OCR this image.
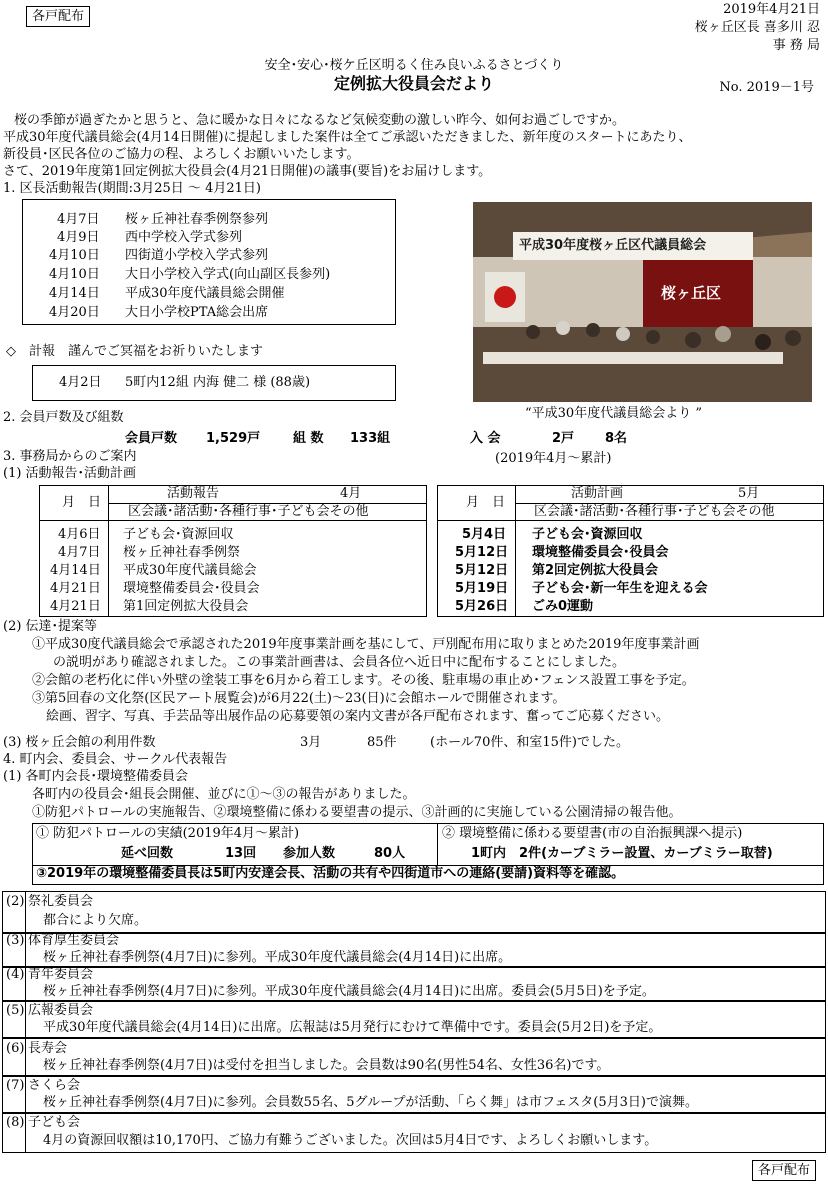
各戸配布	2019年4月21日
桜ヶ丘区長 喜多川 忍
事 務 局
安全･安心･桜ケ丘区明るく住み良いふるさとづくり
定例拡大役員会だより	No. 2019－1号
桜の季節が過ぎたかと思うと、急に暖かな日々になるなど気候変動の激しい昨今、如何お過ごしですか。
平成30年度代議員総会(4月14日開催)に提起しました案件は全てご承認いただきました、新年度のスタートにあたり、
新役員･区民各位のご協力の程、よろしくお願いいたします。
さて、2019年度第1回定例拡大役員会(4月21日開催)の議事(要旨)をお届けします。
1. 区長活動報告(期間:3月25日 ～ 4月21日)
4月7日 桜ヶ丘神社春季例祭参列
4月9日 西中学校入学式参列
4月10日 四街道小学校入学式参列
4月10日 大日小学校入学式(向山副区長参列)
4月14日 平成30年度代議員総会開催
4月20日 大日小学校PTA総会出席
◇　計報　謹んでご冥福をお祈りいたします
4月2日 5町内12組 内海 健二 様 (88歳)
平成30年度桜ヶ丘区代議員総会
桜ヶ丘区
“平成30年度代議員総会より ”
2. 会員戸数及び組数
会員戸数 1,529戸	組 数 133組	入 会	2戸 8名
3. 事務局からのご案内	(2019年4月～累計)
(1) 活動報告･活動計画
月　日
活動報告	4月
区会議･諸活動･各種行事･子ども会その他
4月6日 子ども会･資源回収
4月7日 桜ヶ丘神社春季例祭
4月14日 平成30年度代議員総会
4月21日 環境整備委員会･役員会
4月21日 第1回定例拡大役員会
月　日
活動計画	5月
区会議･諸活動･各種行事･子ども会その他
5月4日 子ども会･資源回収
5月12日 環境整備委員会･役員会
5月12日 第2回定例拡大役員会
5月19日 子ども会･新一年生を迎える会
5月26日 ごみ0運動
(2) 伝達･提案等
①平成30度代議員総会で承認された2019年度事業計画を基にして、戸別配布用に取りまとめた2019年度事業計画
の説明があり確認されました。この事業計画書は、会員各位へ近日中に配布することにしました。
②会館の老朽化に伴い外壁の塗装工事を6月から着工します。その後、駐車場の車止め･フェンス設置工事を予定。
③第5回春の文化祭(区民アート展覧会)が6月22(土)～23(日)に会館ホールで開催されます。
絵画、習字、写真、手芸品等出展作品の応募要領の案内文書が各戸配布されます、奮ってご応募ください。
(3) 桜ヶ丘会館の利用件数	3月	85件	(ホール70件、和室15件)でした。
4. 町内会、委員会、サークル代表報告
(1) 各町内会長･環境整備委員会
各町内の役員会･組長会開催、並びに①～③の報告がありました。
①防犯パトロールの実施報告、②環境整備に係わる要望書の提示、③計画的に実施している公園清掃の報告他。
① 防犯パトロールの実績(2019年4月～累計)
延べ回数	13回 参加人数	80人
② 環境整備に係わる要望書(市の自治振興課へ提示)
1町内　2件(カーブミラー設置、カーブミラー取替)
③2019年の環境整備委員長は5町内安達会長、活動の共有や四街道市への連絡(要請)資料等を確認。
(2) 祭礼委員会
都合により欠席。
(3) 体育厚生委員会
桜ヶ丘神社春季例祭(4月7日)に参列。平成30年度代議員総会(4月14日)に出席。
(4) 青年委員会
桜ヶ丘神社春季例祭(4月7日)に参列。平成30年度代議員総会(4月14日)に出席。委員会(5月5日)を予定。
(5) 広報委員会
平成30年度代議員総会(4月14日)に出席。広報誌は5月発行にむけて準備中です。委員会(5月2日)を予定。
(6) 長寿会
桜ヶ丘神社春季例祭(4月7日)は受付を担当しました。会員数は90名(男性54名、女性36名)です。
(7) さくら会
桜ヶ丘神社春季例祭(4月7日)に参列。会員数55名、5グループが活動、「らく舞」は市フェスタ(5月3日)で演舞。
(8) 子ども会
4月の資源回収額は10,170円、ご協力有難うございました。次回は5月4日です、よろしくお願いします。
各戸配布
